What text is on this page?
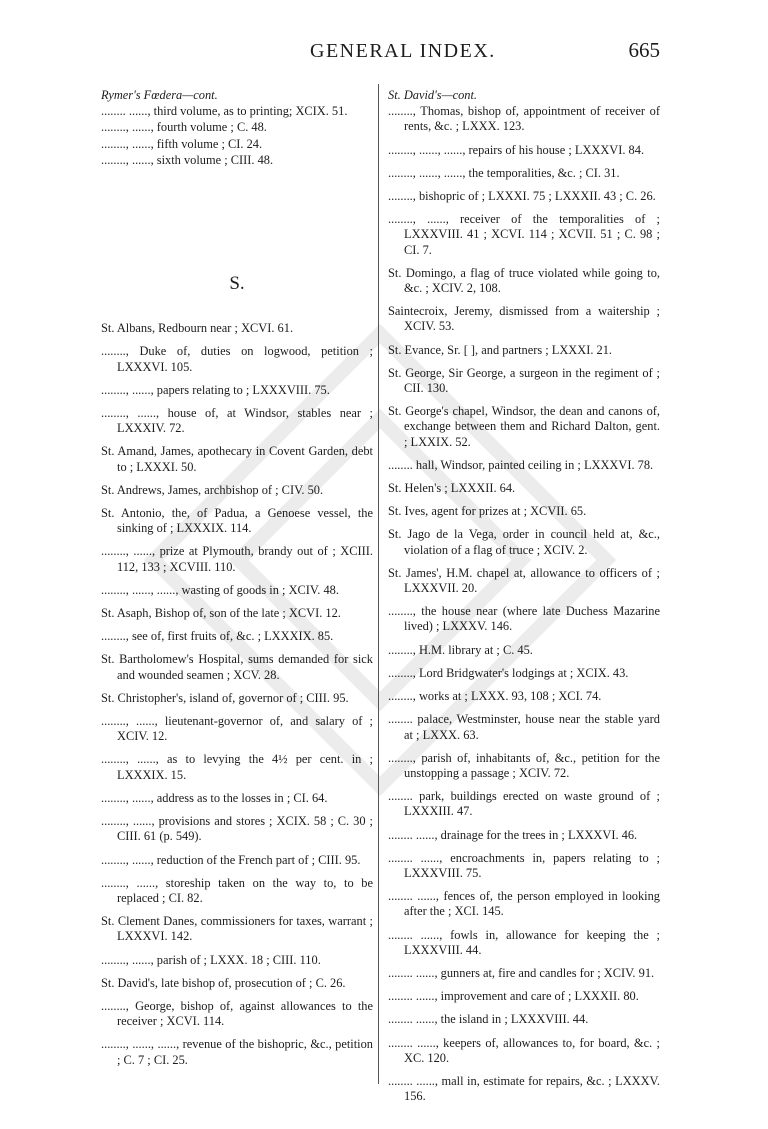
GENERAL INDEX.	665
Rymer's Fœdera—cont.
........ ......, third volume, as to printing; XCIX. 51.
........, ......, fourth volume ; C. 48.
........, ......, fifth volume ; CI. 24.
........, ......, sixth volume ; CIII. 48.
S.
St. Albans, Redbourn near ; XCVI. 61.
........, Duke of, duties on logwood, petition ; LXXXVI. 105.
........, ......, papers relating to ; LXXXVIII. 75.
........, ......, house of, at Windsor, stables near ; LXXXIV. 72.
St. Amand, James, apothecary in Covent Garden, debt to ; LXXXI. 50.
St. Andrews, James, archbishop of ; CIV. 50.
St. Antonio, the, of Padua, a Genoese vessel, the sinking of ; LXXXIX. 114.
........, ......, prize at Plymouth, brandy out of ; XCIII. 112, 133 ; XCVIII. 110.
........, ......, ......, wasting of goods in ; XCIV. 48.
St. Asaph, Bishop of, son of the late ; XCVI. 12.
........, see of, first fruits of, &c. ; LXXXIX. 85.
St. Bartholomew's Hospital, sums demanded for sick and wounded seamen ; XCV. 28.
St. Christopher's, island of, governor of ; CIII. 95.
........, ......, lieutenant-governor of, and salary of ; XCIV. 12.
........, ......, as to levying the 4½ per cent. in ; LXXXIX. 15.
........, ......, address as to the losses in ; CI. 64.
........, ......, provisions and stores ; XCIX. 58 ; C. 30 ; CIII. 61 (p. 549).
........, ......, reduction of the French part of ; CIII. 95.
........, ......, storeship taken on the way to, to be replaced ; CI. 82.
St. Clement Danes, commissioners for taxes, warrant ; LXXXVI. 142.
........, ......, parish of ; LXXX. 18 ; CIII. 110.
St. David's, late bishop of, prosecution of ; C. 26.
........, George, bishop of, against allowances to the receiver ; XCVI. 114.
........, ......, ......, revenue of the bishopric, &c., petition ; C. 7 ; CI. 25.
St. David's—cont.
........, Thomas, bishop of, appointment of receiver of rents, &c. ; LXXX. 123.
........, ......, ......, repairs of his house ; LXXXVI. 84.
........, ......, ......, the temporalities, &c. ; CI. 31.
........, bishopric of ; LXXXI. 75 ; LXXXII. 43 ; C. 26.
........, ......, receiver of the temporalities of ; LXXXVIII. 41 ; XCVI. 114 ; XCVII. 51 ; C. 98 ; CI. 7.
St. Domingo, a flag of truce violated while going to, &c. ; XCIV. 2, 108.
Saintecroix, Jeremy, dismissed from a waitership ; XCIV. 53.
St. Evance, Sr. [ ], and partners ; LXXXI. 21.
St. George, Sir George, a surgeon in the regiment of ; CII. 130.
St. George's chapel, Windsor, the dean and canons of, exchange between them and Richard Dalton, gent. ; LXXIX. 52.
........ hall, Windsor, painted ceiling in ; LXXXVI. 78.
St. Helen's ; LXXXII. 64.
St. Ives, agent for prizes at ; XCVII. 65.
St. Jago de la Vega, order in council held at, &c., violation of a flag of truce ; XCIV. 2.
St. James', H.M. chapel at, allowance to officers of ; LXXXVII. 20.
........, the house near (where late Duchess Mazarine lived) ; LXXXV. 146.
........, H.M. library at ; C. 45.
........, Lord Bridgwater's lodgings at ; XCIX. 43.
........, works at ; LXXX. 93, 108 ; XCI. 74.
........ palace, Westminster, house near the stable yard at ; LXXX. 63.
........, parish of, inhabitants of, &c., petition for the unstopping a passage ; XCIV. 72.
........ park, buildings erected on waste ground of ; LXXXIII. 47.
........ ......, drainage for the trees in ; LXXXVI. 46.
........ ......, encroachments in, papers relating to ; LXXXVIII. 75.
........ ......, fences of, the person employed in looking after the ; XCI. 145.
........ ......, fowls in, allowance for keeping the ; LXXXVIII. 44.
........ ......, gunners at, fire and candles for ; XCIV. 91.
........ ......, improvement and care of ; LXXXII. 80.
........ ......, the island in ; LXXXVIII. 44.
........ ......, keepers of, allowances to, for board, &c. ; XC. 120.
........ ......, mall in, estimate for repairs, &c. ; LXXXV. 156.
